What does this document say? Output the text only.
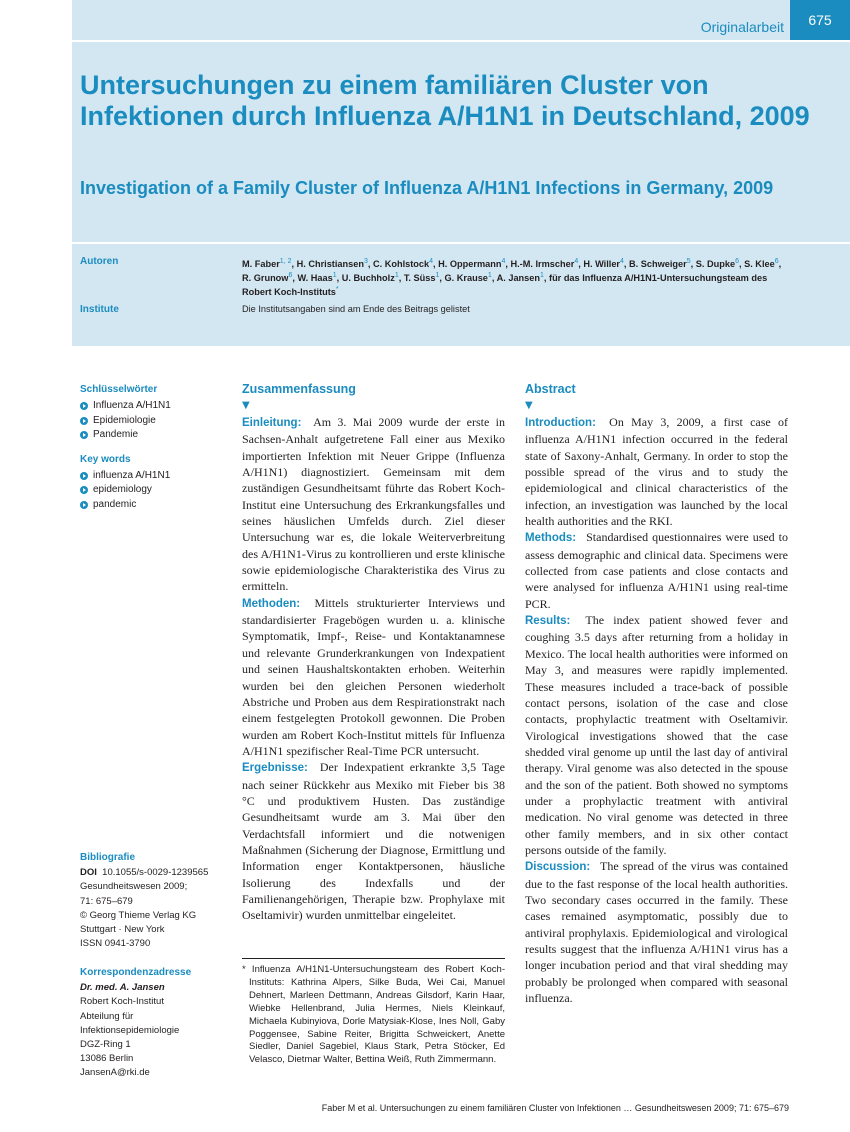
Originalarbeit	675
Untersuchungen zu einem familiären Cluster von Infektionen durch Influenza A/H1N1 in Deutschland, 2009
Investigation of a Family Cluster of Influenza A/H1N1 Infections in Germany, 2009
Autoren	M. Faber$^{1, 2}$, H. Christiansen$^3$, C. Kohlstock$^4$, H. Oppermann$^4$, H.-M. Irmscher$^4$, H. Willer$^4$, B. Schweiger$^5$, S. Dupke$^6$, S. Klee$^6$, R. Grunow$^6$, W. Haas$^1$, U. Buchholz$^1$, T. Süss$^1$, G. Krause$^1$, A. Jansen$^1$, für das Influenza A/H1N1-Untersuchungsteam des Robert Koch-Instituts*
Institute	Die Institutsangaben sind am Ende des Beitrags gelistet
Schlüsselwörter
Influenza A/H1N1
Epidemiologie
Pandemie
Key words
influenza A/H1N1
epidemiology
pandemic
Bibliografie
DOI 10.1055/s-0029-1239565
Gesundheitswesen 2009;
71: 675–679
© Georg Thieme Verlag KG
Stuttgart · New York
ISSN 0941-3790
Korrespondenzadresse
Dr. med. A. Jansen
Robert Koch-Institut
Abteilung für
Infektionsepidemiologie
DGZ-Ring 1
13086 Berlin
JansenA@rki.de
Zusammenfassung
▼

Einleitung:  Am 3. Mai 2009 wurde der erste in Sachsen-Anhalt aufgetretene Fall einer aus Mexiko importierten Infektion mit Neuer Grippe (Influenza A/H1N1) diagnostiziert. Gemeinsam mit dem zuständigen Gesundheitsamt führte das Robert Koch-Institut eine Untersuchung des Erkrankungsfalles und seines häuslichen Umfelds durch. Ziel dieser Untersuchung war es, die lokale Weiterverbreitung des A/H1N1-Virus zu kontrollieren und erste klinische sowie epidemiologische Charakteristika des Virus zu ermitteln.

Methoden:  Mittels strukturierter Interviews und standardisierter Fragebögen wurden u. a. klinische Symptomatik, Impf-, Reise- und Kontaktanamnese und relevante Grunderkrankungen von Indexpatient und seinen Haushaltskontakten erhoben. Weiterhin wurden bei den gleichen Personen wiederholt Abstriche und Proben aus dem Respirationstrakt nach einem festgelegten Protokoll gewonnen. Die Proben wurden am Robert Koch-Institut mittels für Influenza A/H1N1 spezifischer Real-Time PCR untersucht.

Ergebnisse:  Der Indexpatient erkrankte 3,5 Tage nach seiner Rückkehr aus Mexiko mit Fieber bis 38 °C und produktivem Husten. Das zuständige Gesundheitsamt wurde am 3. Mai über den Verdachtsfall informiert und die notwenigen Maßnahmen (Sicherung der Diagnose, Ermittlung und Information enger Kontaktpersonen, häusliche Isolierung des Indexfalls und der Familienangehörigen, Therapie bzw. Prophylaxe mit Oseltamivir) wurden unmittelbar eingeleitet.

* Influenza A/H1N1-Untersuchungsteam des Robert Koch-Instituts: Kathrina Alpers, Silke Buda, Wei Cai, Manuel Dehnert, Marleen Dettmann, Andreas Gilsdorf, Karin Haar, Wiebke Hellenbrand, Julia Hermes, Niels Kleinkauf, Michaela Kubinyiova, Dorle Matysiak-Klose, Ines Noll, Gaby Poggensee, Sabine Reiter, Brigitta Schweickert, Anette Siedler, Daniel Sagebiel, Klaus Stark, Petra Stöcker, Ed Velasco, Dietmar Walter, Bettina Weiß, Ruth Zimmermann.
Abstract
▼

Introduction:  On May 3, 2009, a first case of influenza A/H1N1 infection occurred in the federal state of Saxony-Anhalt, Germany. In order to stop the possible spread of the virus and to study the epidemiological and clinical characteristics of the infection, an investigation was launched by the local health authorities and the RKI.

Methods:  Standardised questionnaires were used to assess demographic and clinical data. Specimens were collected from case patients and close contacts and were analysed for influenza A/H1N1 using real-time PCR.

Results:  The index patient showed fever and coughing 3.5 days after returning from a holiday in Mexico. The local health authorities were informed on May 3, and measures were rapidly implemented. These measures included a trace-back of possible contact persons, isolation of the case and close contacts, prophylactic treatment with Oseltamivir. Virological investigations showed that the case shedded viral genome up until the last day of antiviral therapy. Viral genome was also detected in the spouse and the son of the patient. Both showed no symptoms under a prophylactic treatment with antiviral medication. No viral genome was detected in three other family members, and in six other contact persons outside of the family.

Discussion:  The spread of the virus was contained due to the fast response of the local health authorities. Two secondary cases occurred in the family. These cases remained asymptomatic, possibly due to antiviral prophylaxis. Epidemiological and virological results suggest that the influenza A/H1N1 virus has a longer incubation period and that viral shedding may probably be prolonged when compared with seasonal influenza.

Faber M et al. Untersuchungen zu einem familiären Cluster von Infektionen … Gesundheitswesen 2009; 71: 675–679
